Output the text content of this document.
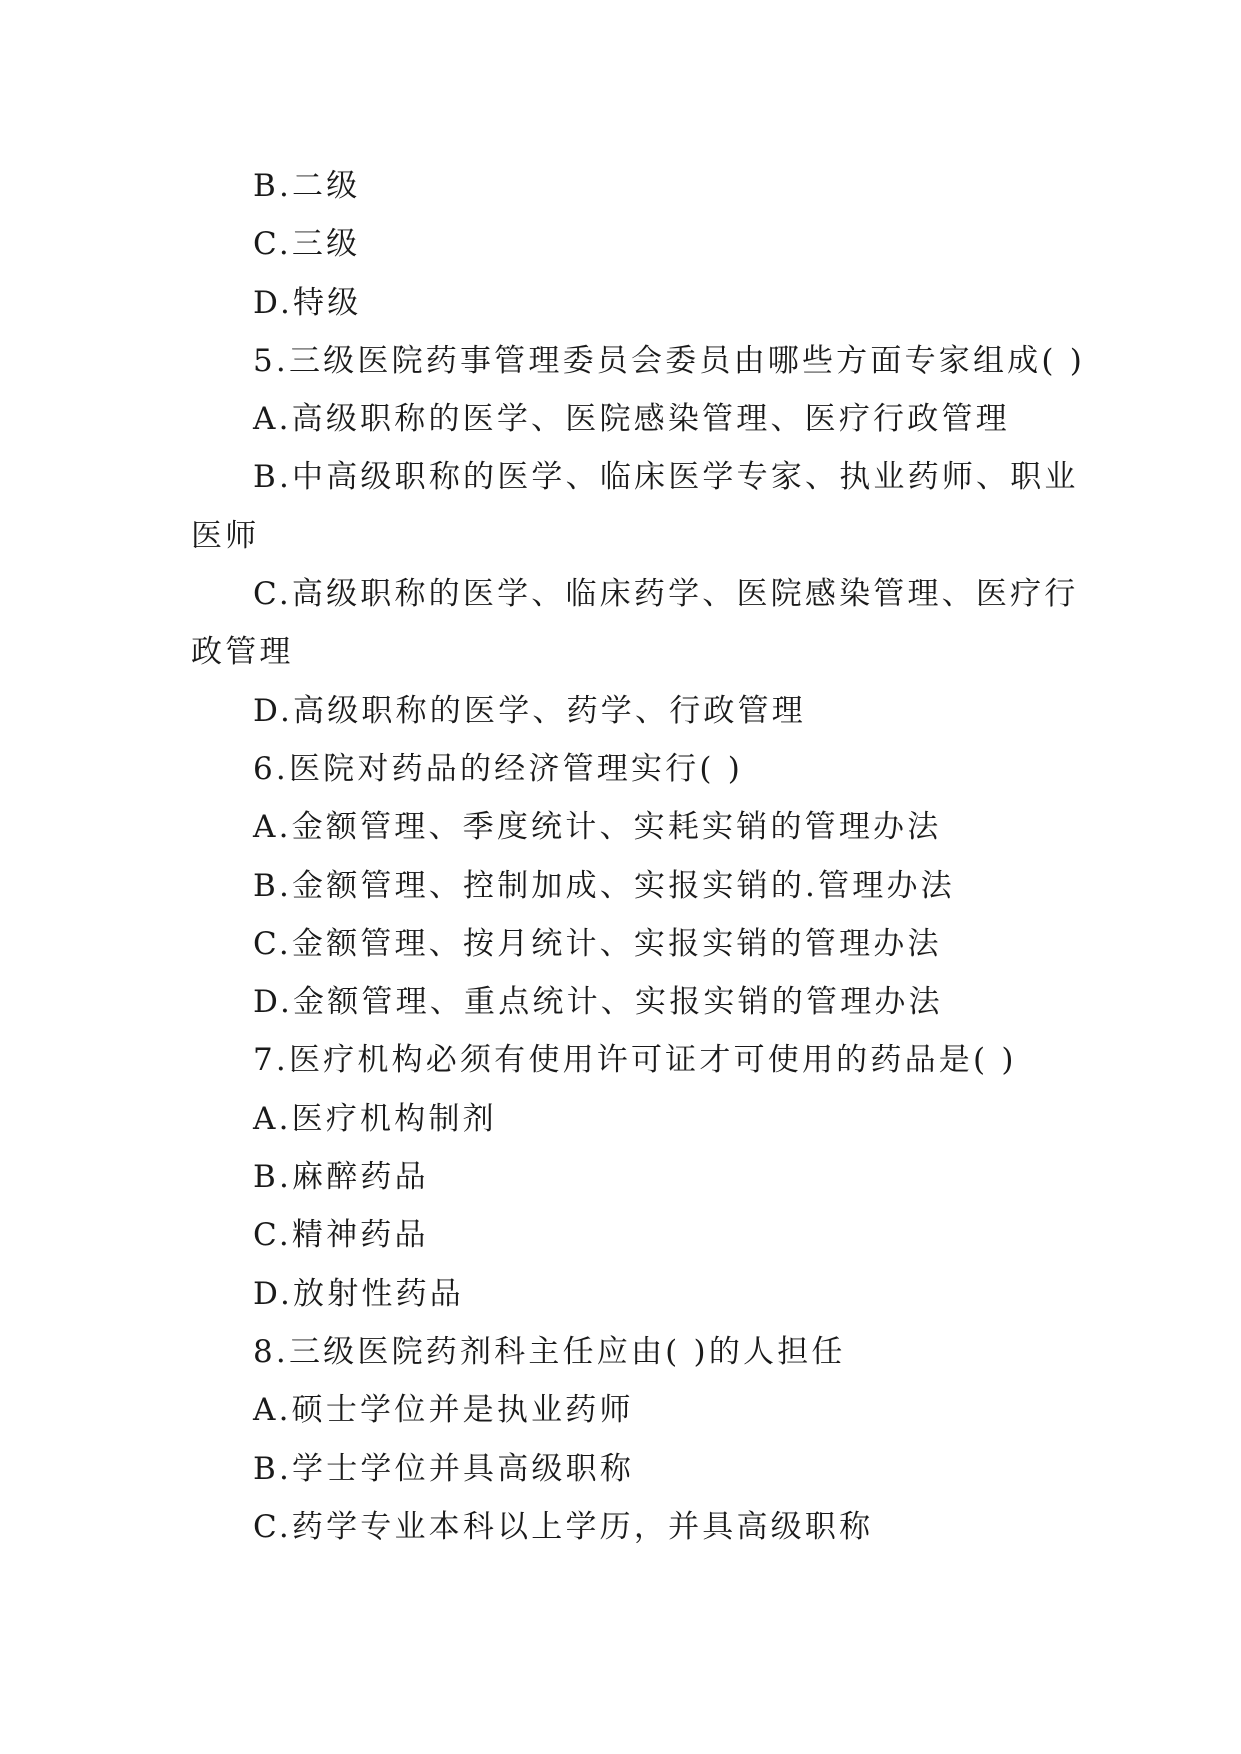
B.二级
C.三级
D.特级
5.三级医院药事管理委员会委员由哪些方面专家组成( )
A.高级职称的医学、医院感染管理、医疗行政管理
B.中高级职称的医学、临床医学专家、执业药师、职业
医师
C.高级职称的医学、临床药学、医院感染管理、医疗行
政管理
D.高级职称的医学、药学、行政管理
6.医院对药品的经济管理实行( )
A.金额管理、季度统计、实耗实销的管理办法
B.金额管理、控制加成、实报实销的.管理办法
C.金额管理、按月统计、实报实销的管理办法
D.金额管理、重点统计、实报实销的管理办法
7.医疗机构必须有使用许可证才可使用的药品是( )
A.医疗机构制剂
B.麻醉药品
C.精神药品
D.放射性药品
8.三级医院药剂科主任应由( )的人担任
A.硕士学位并是执业药师
B.学士学位并具高级职称
C.药学专业本科以上学历，并具高级职称
